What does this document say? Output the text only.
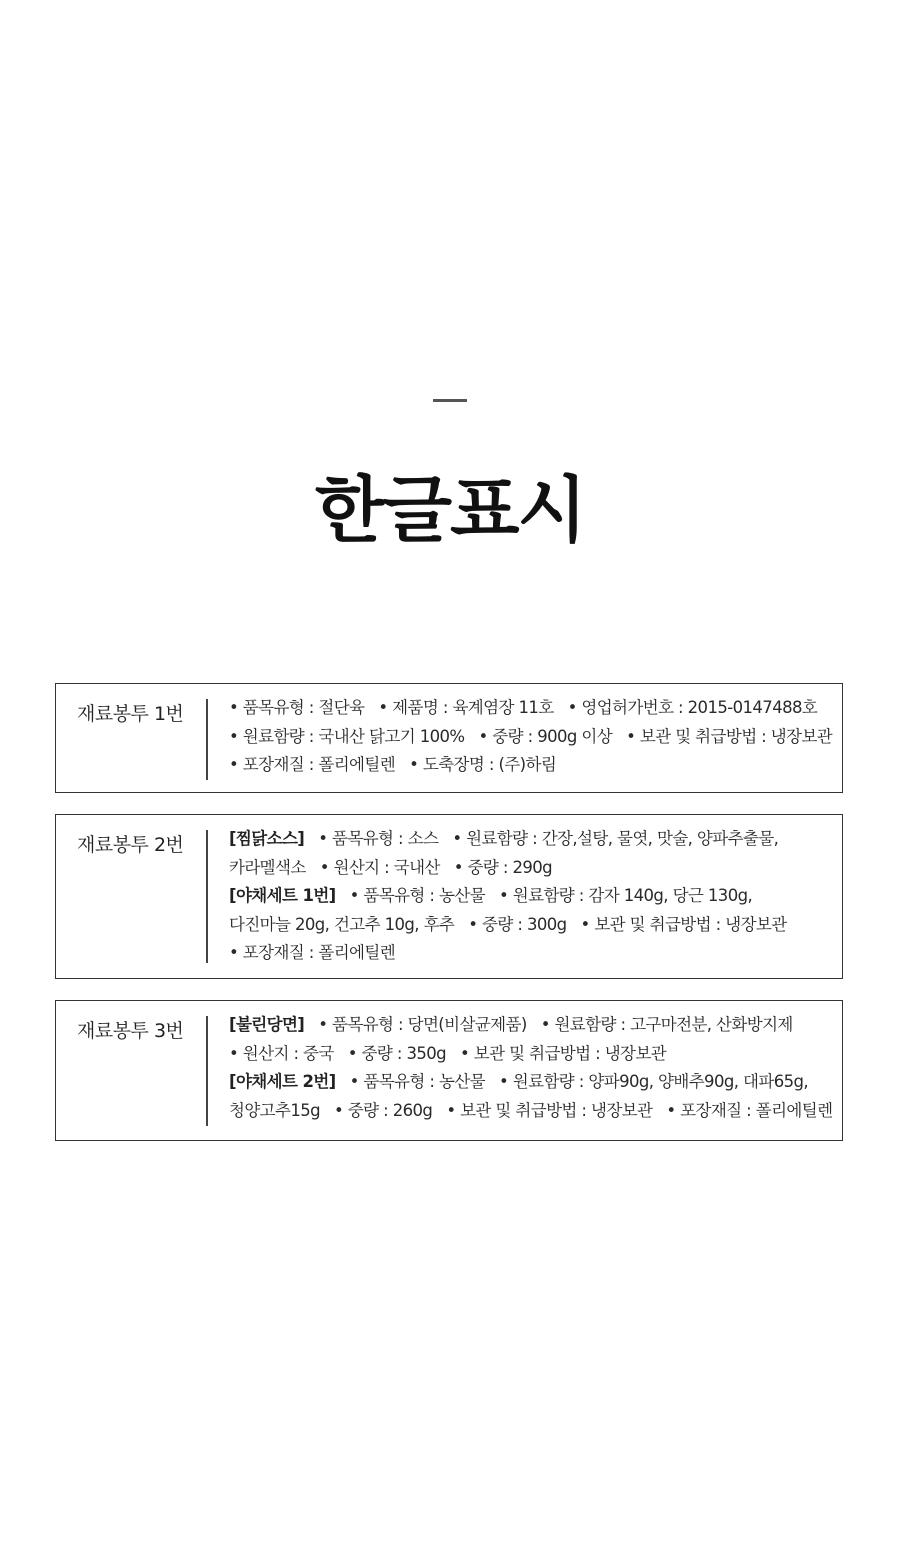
한글표시
재료봉투 1번	• 품목유형 : 절단육 • 제품명 : 육계염장 11호 • 영업허가번호 : 2015-0147488호
• 원료함량 : 국내산 닭고기 100% • 중량 : 900g 이상 • 보관 및 취급방법 : 냉장보관
• 포장재질 : 폴리에틸렌 • 도축장명 : (주)하림
재료봉투 2번	[찜닭소스] • 품목유형 : 소스 • 원료함량 : 간장,설탕, 물엿, 맛술, 양파추출물,
카라멜색소 • 원산지 : 국내산 • 중량 : 290g
[야채세트 1번] • 품목유형 : 농산물 • 원료함량 : 감자 140g, 당근 130g,
다진마늘 20g, 건고추 10g, 후추 • 중량 : 300g • 보관 및 취급방법 : 냉장보관
• 포장재질 : 폴리에틸렌
재료봉투 3번	[불린당면] • 품목유형 : 당면(비살균제품) • 원료함량 : 고구마전분, 산화방지제
• 원산지 : 중국 • 중량 : 350g • 보관 및 취급방법 : 냉장보관
[야채세트 2번] • 품목유형 : 농산물 • 원료함량 : 양파90g, 양배추90g, 대파65g,
청양고추15g • 중량 : 260g • 보관 및 취급방법 : 냉장보관 • 포장재질 : 폴리에틸렌
